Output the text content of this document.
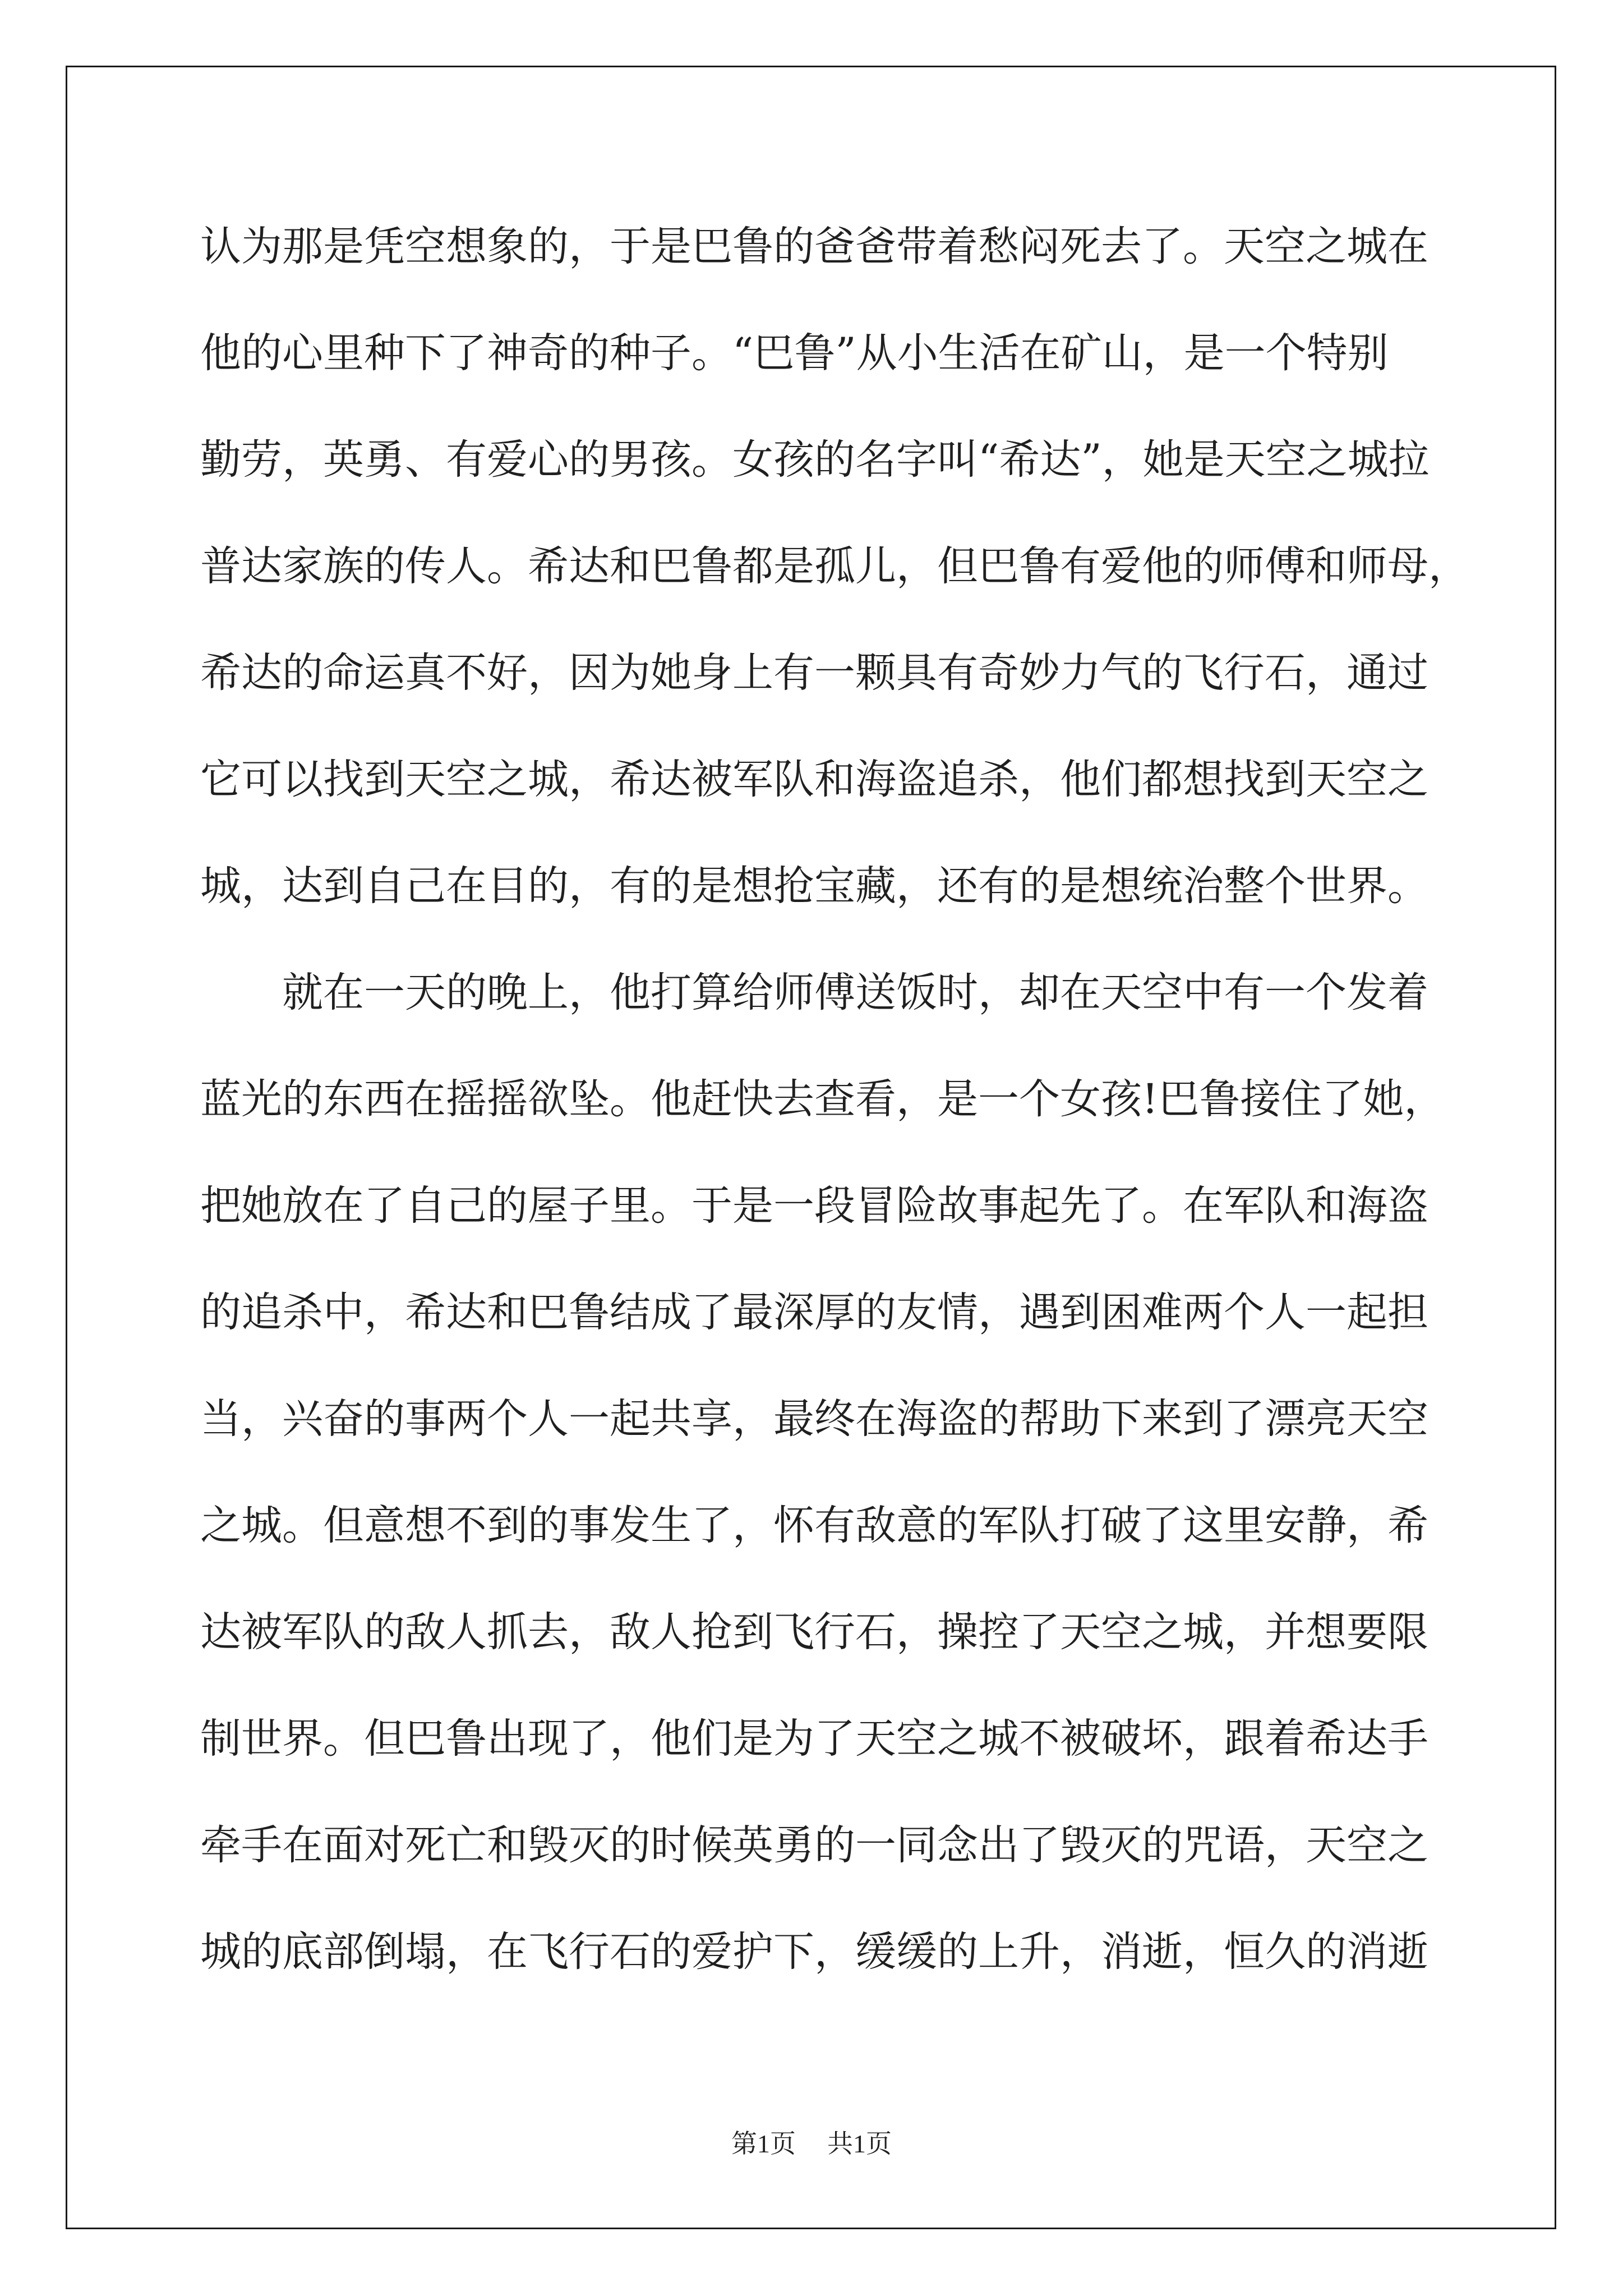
认为那是凭空想象的，于是巴鲁的爸爸带着愁闷死去了。天空之城在
他的心里种下了神奇的种子。“巴鲁”从小生活在矿山，是一个特别
勤劳，英勇、有爱心的男孩。女孩的名字叫“希达”，她是天空之城拉
普达家族的传人。希达和巴鲁都是孤儿，但巴鲁有爱他的师傅和师母，
希达的命运真不好，因为她身上有一颗具有奇妙力气的飞行石，通过
它可以找到天空之城，希达被军队和海盗追杀，他们都想找到天空之
城，达到自己在目的，有的是想抢宝藏，还有的是想统治整个世界。

就在一天的晚上，他打算给师傅送饭时，却在天空中有一个发着
蓝光的东西在摇摇欲坠。他赶快去查看，是一个女孩!巴鲁接住了她，
把她放在了自己的屋子里。于是一段冒险故事起先了。在军队和海盗
的追杀中，希达和巴鲁结成了最深厚的友情，遇到困难两个人一起担
当，兴奋的事两个人一起共享，最终在海盗的帮助下来到了漂亮天空
之城。但意想不到的事发生了，怀有敌意的军队打破了这里安静，希
达被军队的敌人抓去，敌人抢到飞行石，操控了天空之城，并想要限
制世界。但巴鲁出现了，他们是为了天空之城不被破坏，跟着希达手
牵手在面对死亡和毁灭的时候英勇的一同念出了毁灭的咒语，天空之
城的底部倒塌，在飞行石的爱护下，缓缓的上升，消逝，恒久的消逝

第1页 共1页
